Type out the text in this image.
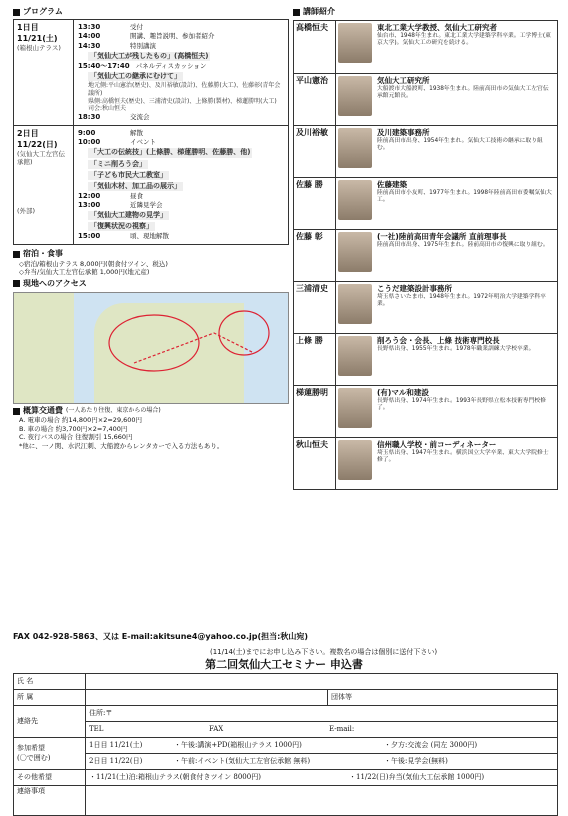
プログラム
1日目
11/21(土)
(箱根山テラス)
13:30	受付
14:00	開講、趣旨説明、参加者紹介
14:30	特別講演
「気仙大工が残したもの」(高橋恒夫)
15:40〜17:40 パネルディスカッション
「気仙大工の継承にむけて」
地元側:平山憲治(歴史)、及川裕敏(設計)、佐藤勝(大工)、佐藤彰(青年会議所)
県側:高橋恒夫(歴史)、三浦清史(設計)、上條勝(製材)、梯蓮勝明(大工)
司会:秋山恒夫
18:30	交流会
2日目
11/22(日)
(気仙大工左官伝承館)
(外部)
9:00	解散
10:00	イベント
「大工の伝統技」(上條勝、梯蓮勝明、佐藤勝、他)
「ミニ削ろう会」
「子ども市民大工教室」
「気仙木材、加工品の展示」
12:00	昼食
13:00	近隣見学会
「気仙大工建物の見学」
「復興状況の視察」
15:00	頃、現地解散
宿泊・食事
◇宿泊/箱根山テラス 8,000円(朝食付ツイン、税込)
◇弁当/気仙大工左官伝承館 1,000円(地元産)
現地へのアクセス
概算交通費 (一人あたり往復、東京からの場合)
A. 電車の場合 約14,800円×2=29,600円
B. 車の場合 約3,700円×2=7,400円
C. 夜行バスの場合 往復割引 15,660円
*他に、一ノ関、水沢江刺、大船渡からレンタカーで入る方法もあり。
講師紹介
高橋恒夫	東北工業大学教授、気仙大工研究者
仙台市、1948年生まれ。東北工業大学建築学科卒業。工学博士(東京大学)。気仙大工の研究を続ける。
平山憲治	気仙大工研究所
大船渡市大船渡町、1938年生まれ。陸前高田市の気仙大工左官伝承館元館長。
及川裕敏	及川建築事務所
陸前高田市出身、1954年生まれ。気仙大工技術の継承に取り組む。
佐藤 勝	佐藤建築
陸前高田市小友町、1977年生まれ。1998年陸前高田市委嘱気仙大工。
佐藤 彰	(一社)陸前高田青年会議所 直前理事長
陸前高田市出身、1975年生まれ。陸前高田市の復興に取り組む。
三浦清史	こうだ建築設計事務所
埼玉県さいたま市、1948年生まれ。1972年明治大学建築学科卒業。
上條 勝	削ろう会・会長、上條 技術専門校長
長野県出身、1955年生まれ。1978年職業訓練大学校卒業。
梯蓮勝明	(有)マル和建設
長野県出身、1974年生まれ。1993年長野県立松本技術専門校修了。
秋山恒夫	信州職人学校・前コーディネーター
埼玉県出身、1947年生まれ。横浜国立大学卒業、東大大学院修士修了。
FAX 042-928-5863、又は E-mail:akitsune4@yahoo.co.jp(担当:秋山宛)
(11/14(土)までにお申し込み下さい。複数名の場合は個別に送付下さい)
第二回気仙大工セミナー 申込書
氏 名		
所 属		団体等
連絡先	住所:〒	
	TEL FAX E-mail:	

参加希望
(〇で囲む)	1日目 11/21(土) ・午後:講演+PD(箱根山テラス 1000円) ・夕方:交流会 (同左 3000円)	
	2日目 11/22(日) ・午前:イベント(気仙大工左官伝承館 無料) ・午後:見学会(無料)	
その他希望	・11/21(土)泊:箱根山テラス(朝食付きツイン 8000円) ・11/22(日)弁当(気仙大工伝承館 1000円)	
連絡事項		
